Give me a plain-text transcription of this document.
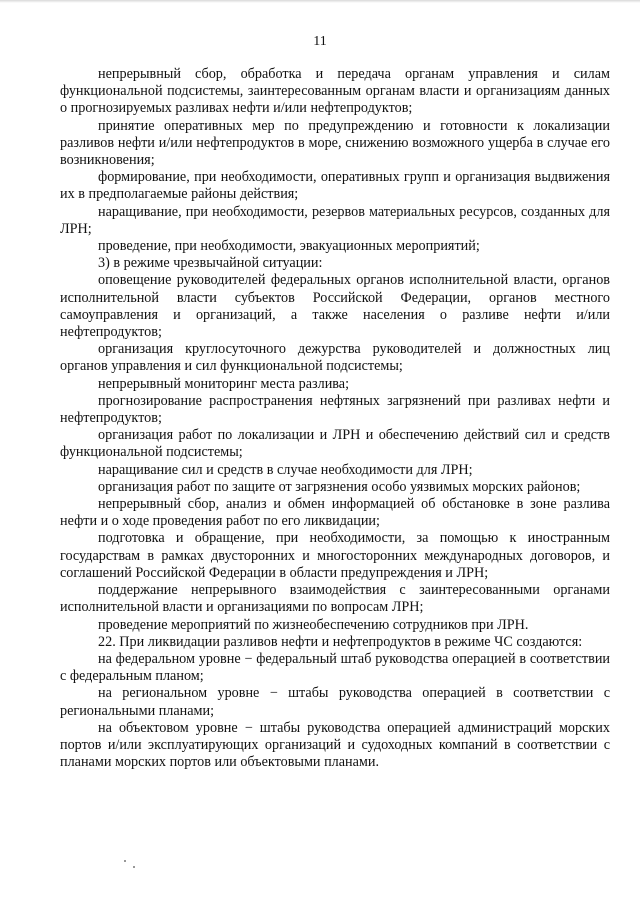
11

непрерывный сбор, обработка и передача органам управления и силам функциональной подсистемы, заинтересованным органам власти и организациям данных о прогнозируемых разливах нефти и/или нефтепродуктов;

принятие оперативных мер по предупреждению и готовности к локализации разливов нефти и/или нефтепродуктов в море, снижению возможного ущерба в случае его возникновения;

формирование, при необходимости, оперативных групп и организация выдвижения их в предполагаемые районы действия;

наращивание, при необходимости, резервов материальных ресурсов, созданных для ЛРН;

проведение, при необходимости, эвакуационных мероприятий;

3) в режиме чрезвычайной ситуации:

оповещение руководителей федеральных органов исполнительной власти, органов исполнительной власти субъектов Российской Федерации, органов местного самоуправления и организаций, а также населения о разливе нефти и/или нефтепродуктов;

организация круглосуточного дежурства руководителей и должностных лиц органов управления и сил функциональной подсистемы;

непрерывный мониторинг места разлива;

прогнозирование распространения нефтяных загрязнений при разливах нефти и нефтепродуктов;

организация работ по локализации и ЛРН и обеспечению действий сил и средств функциональной подсистемы;

наращивание сил и средств в случае необходимости для ЛРН;

организация работ по защите от загрязнения особо уязвимых морских районов;

непрерывный сбор, анализ и обмен информацией об обстановке в зоне разлива нефти и о ходе проведения работ по его ликвидации;

подготовка и обращение, при необходимости, за помощью к иностранным государствам в рамках двусторонних и многосторонних международных договоров, и соглашений Российской Федерации в области предупреждения и ЛРН;

поддержание непрерывного взаимодействия с заинтересованными органами исполнительной власти и организациями по вопросам ЛРН;

проведение мероприятий по жизнеобеспечению сотрудников при ЛРН.

22. При ликвидации разливов нефти и нефтепродуктов в режиме ЧС создаются:

на федеральном уровне − федеральный штаб руководства операцией в соответствии с федеральным планом;

на региональном уровне − штабы руководства операцией в соответствии с региональными планами;

на объектовом уровне − штабы руководства операцией администраций морских портов и/или эксплуатирующих организаций и судоходных компаний в соответствии с планами морских портов или объектовыми планами.
